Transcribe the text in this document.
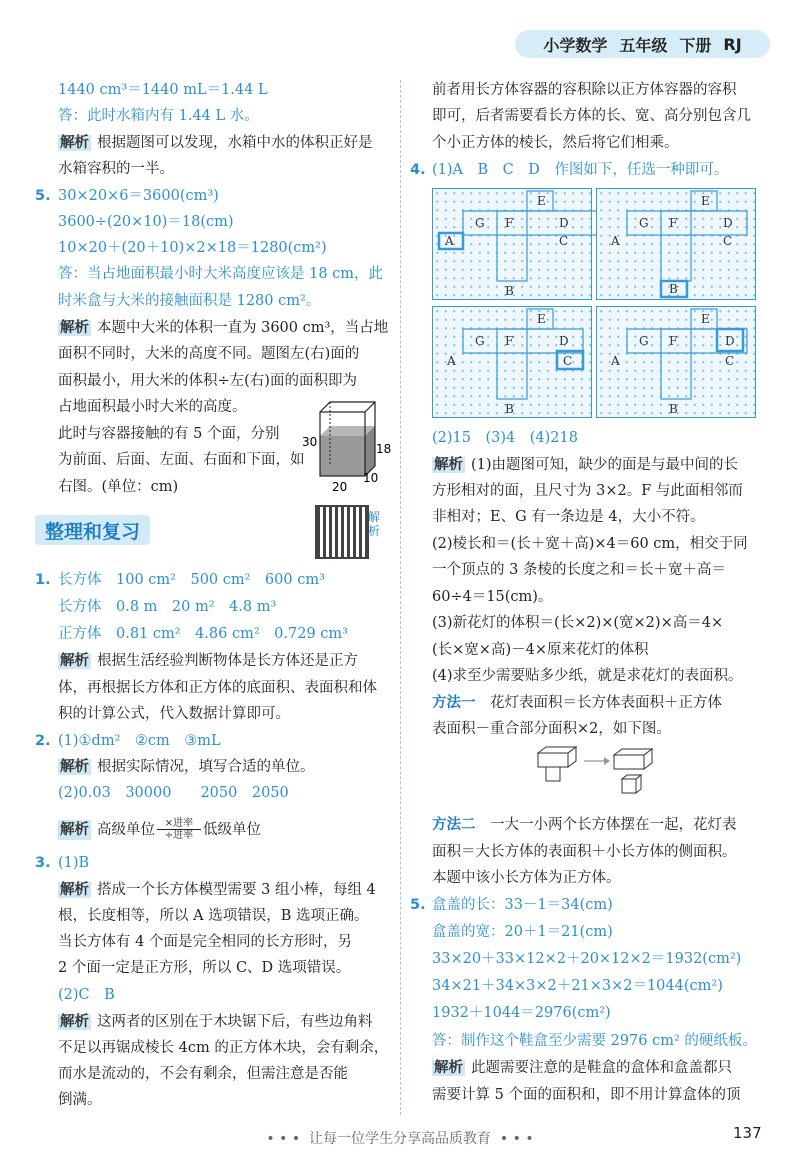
小学数学 五年级 下册 RJ
1440 cm³＝1440 mL＝1.44 L
答：此时水箱内有 1.44 L 水。
解析 根据题图可以发现，水箱中水的体积正好是
水箱容积的一半。
5. 30×20×6＝3600(cm³)
3600÷(20×10)＝18(cm)
10×20＋(20＋10)×2×18＝1280(cm²)
答：当占地面积最小时大米高度应该是 18 cm，此
时米盒与大米的接触面积是 1280 cm²。
解析 本题中大米的体积一直为 3600 cm³，当占地
面积不同时，大米的高度不同。题图左(右)面的
面积最小，用大米的体积÷左(右)面的面积即为
占地面积最小时大米的高度。
此时与容器接触的有 5 个面，分别
为前面、后面、左面、右面和下面，如
右图。(单位：cm)
30	18
20
10
整理和复习
解析
1. 长方体　100 cm²　500 cm²　600 cm³
长方体　0.8 m　20 m²　4.8 m³
正方体　0.81 cm²　4.86 cm²　0.729 cm³
解析 根据生活经验判断物体是长方体还是正方
体，再根据长方体和正方体的底面积、表面积和体
积的计算公式，代入数据计算即可。
2. (1)①dm²　②cm　③mL
解析 根据实际情况，填写合适的单位。
(2)0.03　30000　　2050　2050
解析 高级单位 ×进率
÷进率 低级单位
3. (1)B
解析 搭成一个长方体模型需要 3 组小棒，每组 4
根，长度相等，所以 A 选项错误，B 选项正确。
当长方体有 4 个面是完全相同的长方形时，另
2 个面一定是正方形，所以 C、D 选项错误。
(2)C　B
解析 这两者的区别在于木块锯下后，有些边角料
不足以再锯成棱长 4cm 的正方体木块，会有剩余，
而水是流动的，不会有剩余，但需注意是否能
倒满。
前者用长方体容器的容积除以正方体容器的容积
即可，后者需要看长方体的长、宽、高分别包含几
个小正方体的棱长，然后将它们相乘。
4. (1)A　B　C　D　作图如下，任选一种即可。
E
G F	D
C
A
B
E
G F	D
C
A
B
E
G F	D
C
A
B
E
G F	D
C
A
B
(2)15　(3)4　(4)218
解析 (1)由题图可知，缺少的面是与最中间的长
方形相对的面，且尺寸为 3×2。F 与此面相邻而
非相对；E、G 有一条边是 4，大小不符。
(2)棱长和＝(长＋宽＋高)×4＝60 cm，相交于同
一个顶点的 3 条棱的长度之和＝长＋宽＋高＝
60÷4＝15(cm)。
(3)新花灯的体积＝(长×2)×(宽×2)×高＝4×
(长×宽×高)－4×原来花灯的体积
(4)求至少需要贴多少纸，就是求花灯的表面积。
方法一　 花灯表面积＝长方体表面积＋正方体
表面积－重合部分面积×2，如下图。
方法二　 一大一小两个长方体摆在一起，花灯表
面积＝大长方体的表面积＋小长方体的侧面积。
本题中该小长方体为正方体。
5. 盒盖的长：33－1＝34(cm)
盒盖的宽：20＋1＝21(cm)
33×20＋33×12×2＋20×12×2＝1932(cm²)
34×21＋34×3×2＋21×3×2＝1044(cm²)
1932＋1044＝2976(cm²)
答：制作这个鞋盒至少需要 2976 cm² 的硬纸板。
解析 此题需要注意的是鞋盒的盒体和盒盖都只
需要计算 5 个面的面积和，即不用计算盒体的顶
• • • 让每一位学生分享高品质教育 • • •	137
